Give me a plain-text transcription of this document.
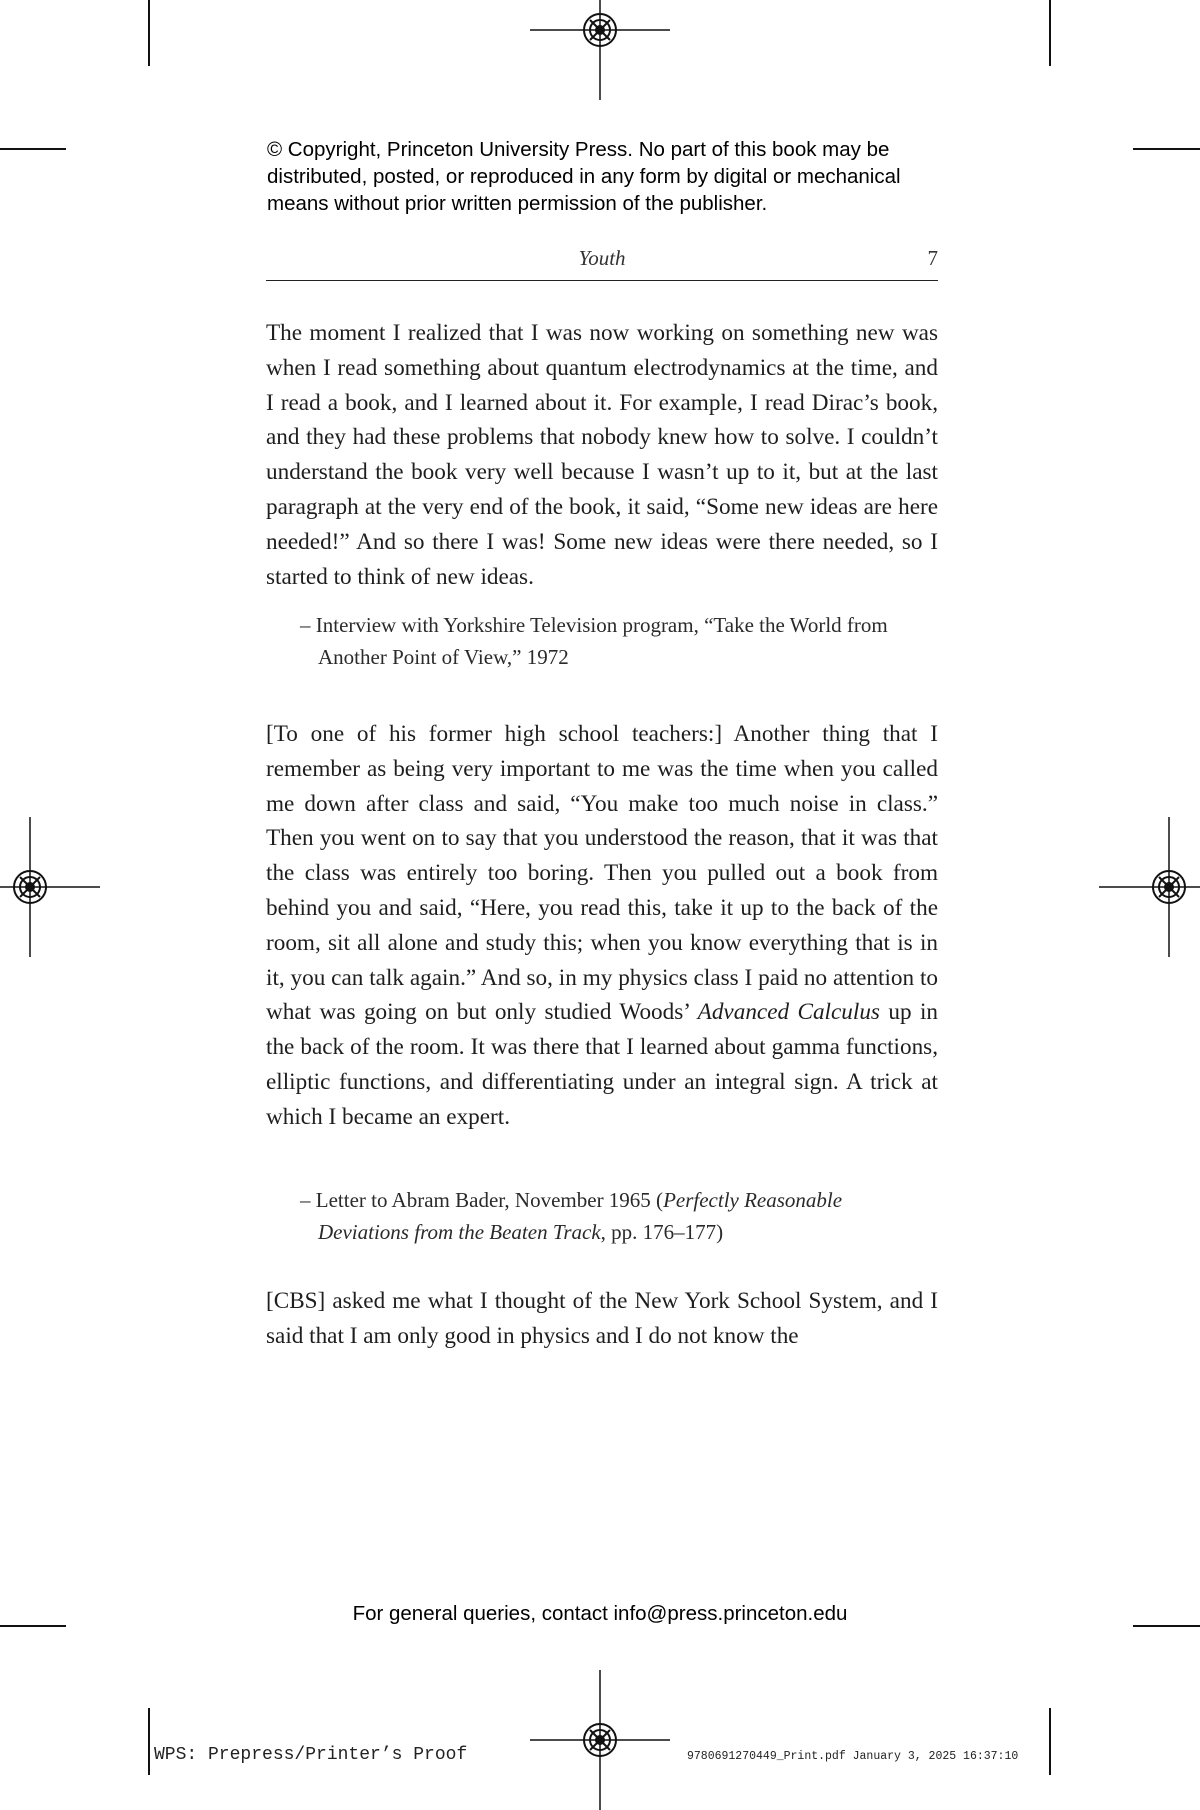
© Copyright, Princeton University Press. No part of this book may be
distributed, posted, or reproduced in any form by digital or mechanical
means without prior written permission of the publisher.
Youth	7

The moment I realized that I was now working on something new was when I read something about quantum electrodynamics at the time, and I read a book, and I learned about it. For example, I read Dirac’s book, and they had these problems that nobody knew how to solve. I couldn’t understand the book very well because I wasn’t up to it, but at the last paragraph at the very end of the book, it said, “Some new ideas are here needed!” And so there I was! Some new ideas were there needed, so I started to think of new ideas.

– Interview with Yorkshire Television program, “Take the World from Another Point of View,” 1972

[To one of his former high school teachers:] Another thing that I remember as being very important to me was the time when you called me down after class and said, “You make too much noise in class.” Then you went on to say that you understood the reason, that it was that the class was entirely too boring. Then you pulled out a book from behind you and said, “Here, you read this, take it up to the back of the room, sit all alone and study this; when you know everything that is in it, you can talk again.” And so, in my physics class I paid no attention to what was going on but only studied Woods’ Advanced Calculus up in the back of the room. It was there that I learned about gamma functions, elliptic functions, and differentiating under an integral sign. A trick at which I became an expert.

– Letter to Abram Bader, November 1965 (Perfectly Reasonable Deviations from the Beaten Track, pp. 176–177)

[CBS] asked me what I thought of the New York School System, and I said that I am only good in physics and I do not know the

For general queries, contact info@press.princeton.edu
WPS: Prepress/Printer’s Proof	9780691270449_Print.pdf January 3, 2025 16:37:10
